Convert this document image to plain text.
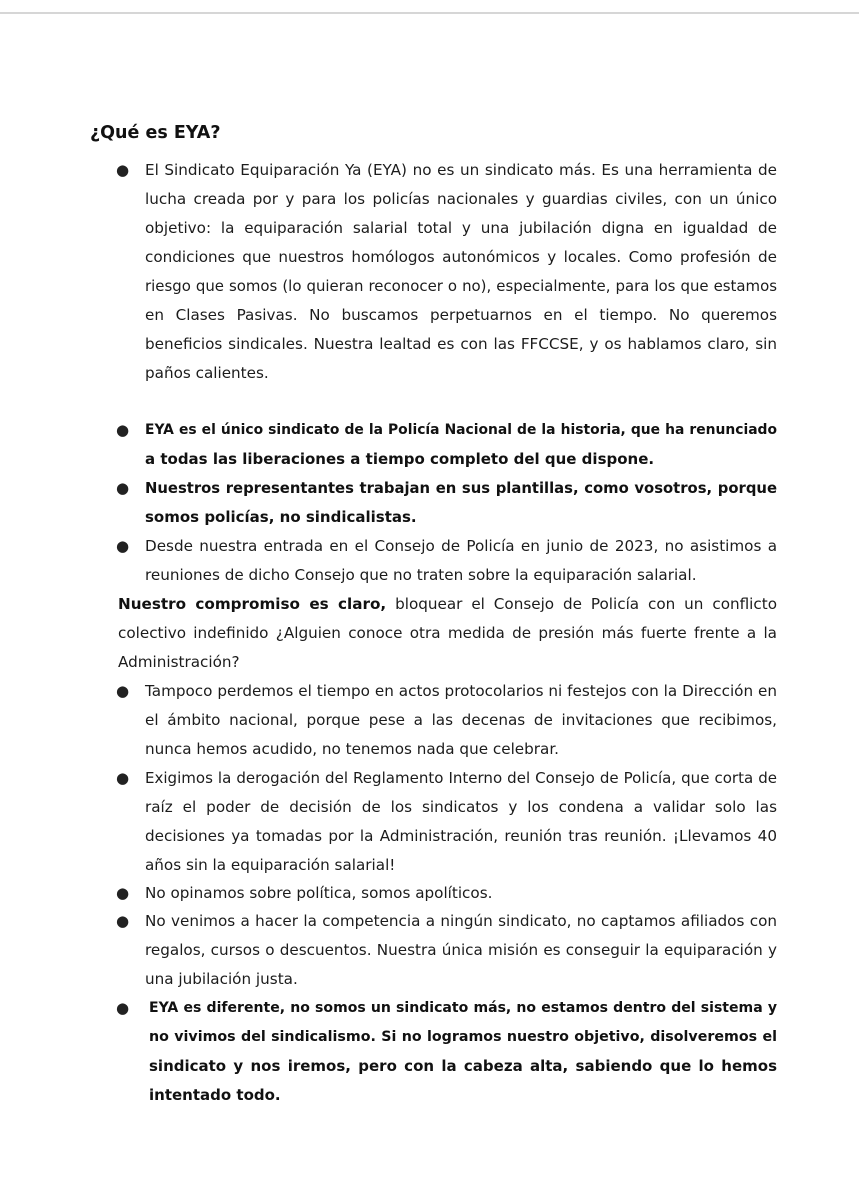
¿Qué es EYA?
● El Sindicato Equiparación Ya (EYA) no es un sindicato más. Es una herramienta de
lucha creada por y para los policías nacionales y guardias civiles, con un único
objetivo: la equiparación salarial total y una jubilación digna en igualdad de
condiciones que nuestros homólogos autonómicos y locales. Como profesión de
riesgo que somos (lo quieran reconocer o no), especialmente, para los que estamos
en Clases Pasivas. No buscamos perpetuarnos en el tiempo. No queremos
beneficios sindicales. Nuestra lealtad es con las FFCCSE, y os hablamos claro, sin
paños calientes.
● EYA es el único sindicato de la Policía Nacional de la historia, que ha renunciado
a todas las liberaciones a tiempo completo del que dispone.
● Nuestros representantes trabajan en sus plantillas, como vosotros, porque
somos policías, no sindicalistas.
● Desde nuestra entrada en el Consejo de Policía en junio de 2023, no asistimos a
reuniones de dicho Consejo que no traten sobre la equiparación salarial.
Nuestro compromiso es claro, bloquear el Consejo de Policía con un conflicto
colectivo indefinido ¿Alguien conoce otra medida de presión más fuerte frente a la
Administración?
● Tampoco perdemos el tiempo en actos protocolarios ni festejos con la Dirección en
el ámbito nacional, porque pese a las decenas de invitaciones que recibimos,
nunca hemos acudido, no tenemos nada que celebrar.
● Exigimos la derogación del Reglamento Interno del Consejo de Policía, que corta de
raíz el poder de decisión de los sindicatos y los condena a validar solo las
decisiones ya tomadas por la Administración, reunión tras reunión. ¡Llevamos 40
años sin la equiparación salarial!
● No opinamos sobre política, somos apolíticos.
● No venimos a hacer la competencia a ningún sindicato, no captamos afiliados con
regalos, cursos o descuentos. Nuestra única misión es conseguir la equiparación y
una jubilación justa.
● EYA es diferente, no somos un sindicato más, no estamos dentro del sistema y
no vivimos del sindicalismo. Si no logramos nuestro objetivo, disolveremos el
sindicato y nos iremos, pero con la cabeza alta, sabiendo que lo hemos
intentado todo.
